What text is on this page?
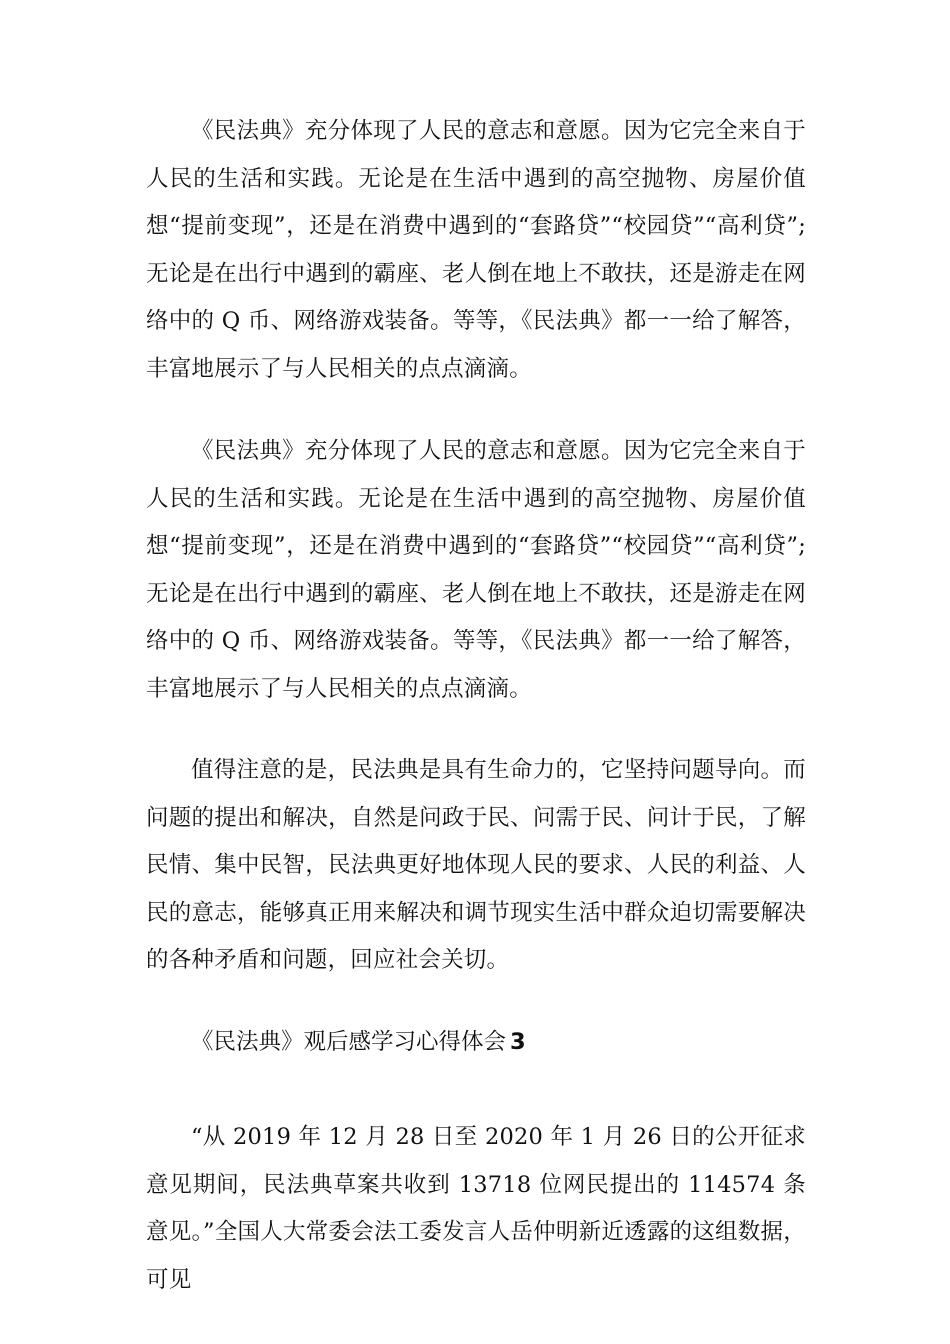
《民法典》充分体现了人民的意志和意愿。因为它完全来自于人民的生活和实践。无论是在生活中遇到的高空抛物、房屋价值想“提前变现”，还是在消费中遇到的“套路贷”“校园贷”“高利贷”;无论是在出行中遇到的霸座、老人倒在地上不敢扶，还是游走在网络中的 Q 币、网络游戏装备。等等，《民法典》都一一给了解答，丰富地展示了与人民相关的点点滴滴。

《民法典》充分体现了人民的意志和意愿。因为它完全来自于人民的生活和实践。无论是在生活中遇到的高空抛物、房屋价值想“提前变现”，还是在消费中遇到的“套路贷”“校园贷”“高利贷”;无论是在出行中遇到的霸座、老人倒在地上不敢扶，还是游走在网络中的 Q 币、网络游戏装备。等等，《民法典》都一一给了解答，丰富地展示了与人民相关的点点滴滴。

值得注意的是，民法典是具有生命力的，它坚持问题导向。而问题的提出和解决，自然是问政于民、问需于民、问计于民，了解民情、集中民智，民法典更好地体现人民的要求、人民的利益、人民的意志，能够真正用来解决和调节现实生活中群众迫切需要解决的各种矛盾和问题，回应社会关切。

《民法典》观后感学习心得体会 3

“从 2019 年 12 月 28 日至 2020 年 1 月 26 日的公开征求意见期间，民法典草案共收到 13718 位网民提出的 114574 条意见。”全国人大常委会法工委发言人岳仲明新近透露的这组数据，可见
